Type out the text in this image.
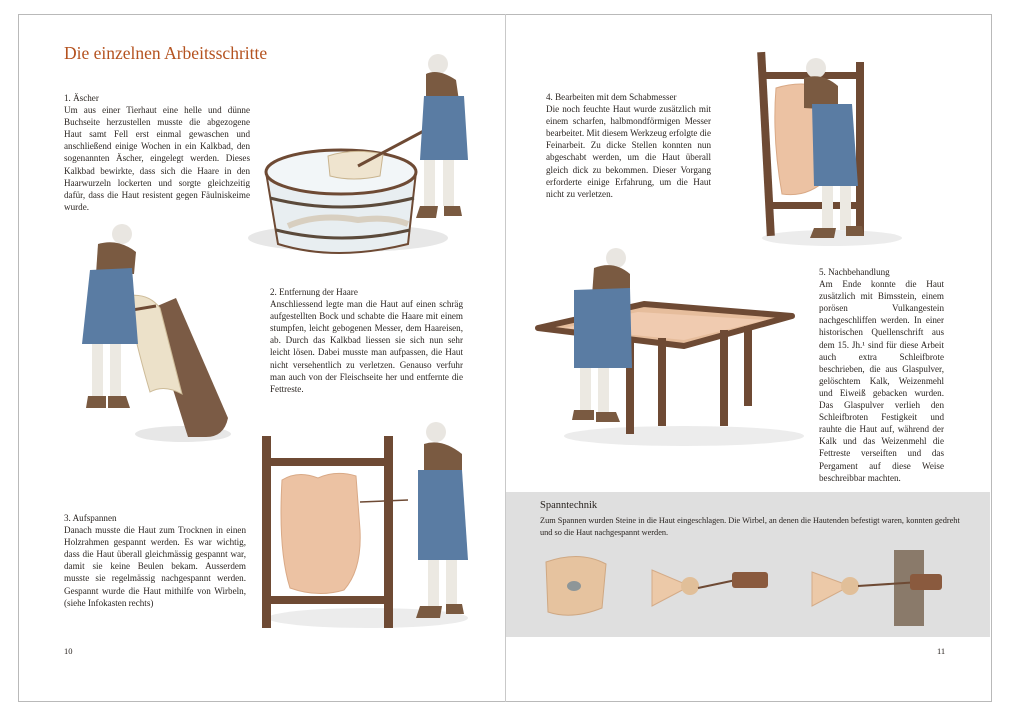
Die einzelnen Arbeitsschritte
1. Äscher
Um aus einer Tierhaut eine helle und dünne Buchseite herzustellen musste die abgezogene Haut samt Fell erst einmal gewaschen und anschließend einige Wochen in ein Kalkbad, den sogenannten Äscher, eingelegt werden. Dieses Kalkbad bewirkte, dass sich die Haare in den Haarwurzeln lockerten und sorgte gleichzeitig dafür, dass die Haut resistent gegen Fäulniskeime wurde.
2. Entfernung der Haare
Anschliessend legte man die Haut auf einen schräg aufgestellten Bock und schabte die Haare mit einem stumpfen, leicht gebogenen Messer, dem Haareisen, ab. Durch das Kalkbad liessen sie sich nun sehr leicht lösen. Dabei musste man aufpassen, die Haut nicht versehentlich zu verletzen. Genauso verfuhr man auch von der Fleischseite her und entfernte die Fettreste.
3. Aufspannen
Danach musste die Haut zum Trocknen in einen Holzrahmen gespannt werden. Es war wichtig, dass die Haut überall gleichmässig gespannt war, damit sie keine Beulen bekam. Ausserdem musste sie regelmässig nachgespannt werden. Gespannt wurde die Haut mithilfe von Wirbeln, (siehe Infokasten rechts)
4. Bearbeiten mit dem Schabmesser
Die noch feuchte Haut wurde zusätzlich mit einem scharfen, halbmondförmigen Messer bearbeitet. Mit diesem Werkzeug erfolgte die Feinarbeit. Zu dicke Stellen konnten nun abgeschabt werden, um die Haut überall gleich dick zu bekommen. Dieser Vorgang erforderte einige Erfahrung, um die Haut nicht zu verletzen.
5. Nachbehandlung
Am Ende konnte die Haut zusätzlich mit Bimsstein, einem porösen Vulkangestein nachgeschliffen werden. In einer historischen Quellenschrift aus dem 15. Jh.¹ sind für diese Arbeit auch extra Schleifbrote beschrieben, die aus Glaspulver, gelöschtem Kalk, Weizenmehl und Eiweiß gebacken wurden. Das Glaspulver verlieh den Schleifbroten Festigkeit und rauhte die Haut auf, während der Kalk und das Weizenmehl die Fettreste verseiften und das Pergament auf diese Weise beschreibbar machten.
Spanntechnik
Zum Spannen wurden Steine in die Haut eingeschlagen. Die Wirbel, an denen die Hautenden befestigt waren, konnten gedreht und so die Haut nachgespannt werden.
10	11
